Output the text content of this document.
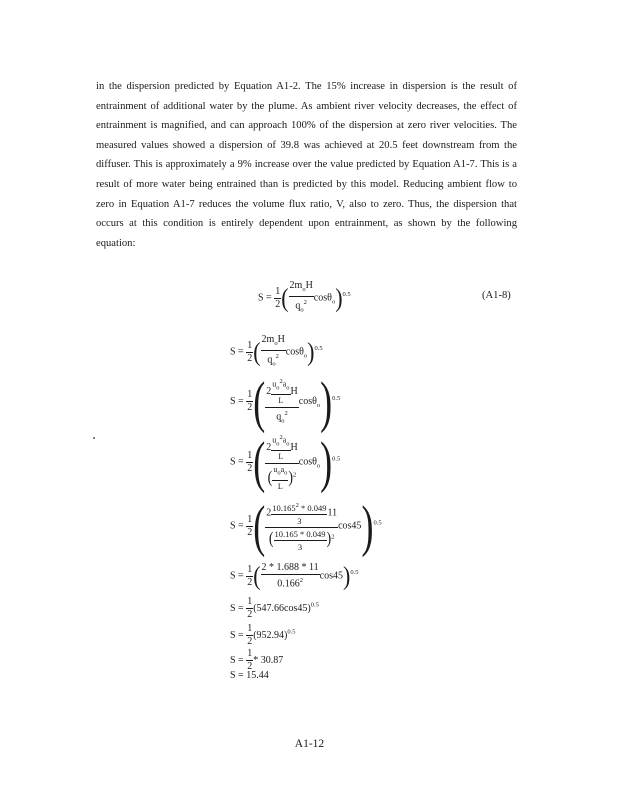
in the dispersion predicted by Equation A1-2. The 15% increase in dispersion is the result of entrainment of additional water by the plume. As ambient river velocity decreases, the effect of entrainment is magnified, and can approach 100% of the dispersion at zero river velocities. The measured values showed a dispersion of 39.8 was achieved at 20.5 feet downstream from the diffuser. This is approximately a 9% increase over the value predicted by Equation A1-7. This is a result of more water being entrained than is predicted by this model. Reducing ambient flow to zero in Equation A1-7 reduces the volume flux ratio, V, also to zero. Thus, the dispersion that occurs at this condition is entirely dependent upon entrainment, as shown by the following equation:
$S = \frac{1}{2}$ ( $\frac{2m_oH}{q_o^2} \cos\theta_o)^{0.5}$	(A1-8)
$S = \frac{1}{2}$ ( $\frac{2m_oH}{q_o^2} \cos\theta_o)^{0.5}$
$S = \frac{1}{2}$ ( $\frac{2 \frac{u_o^2a_o}{L} H}{q_o^2} \cos\theta_o)^{0.5}$
$S = \frac{1}{2}$ ( $\frac{2 \frac{u_o^2a_o}{L} H}{( \frac{u_oa_o}{L} )^2} \cos\theta_o)^{0.5}$
$S = \frac{1}{2}$ ( $\frac{2 \frac{10.165^2 * 0.049}{3} 11}{( \frac{10.165 * 0.049}{3} )^2} \cos 45)^{0.5}$
$S = \frac{1}{2}$ ( $\frac{2 * 1.688 * 11}{0.166^2} \cos 45)^{0.5}$
$S = \frac{1}{2} (547.66\cos 45)^{0.5}$
$S = \frac{1}{2} (952.94)^{0.5}$
$S = \frac{1}{2} * 30.87$
S = 15.44
A1-12
